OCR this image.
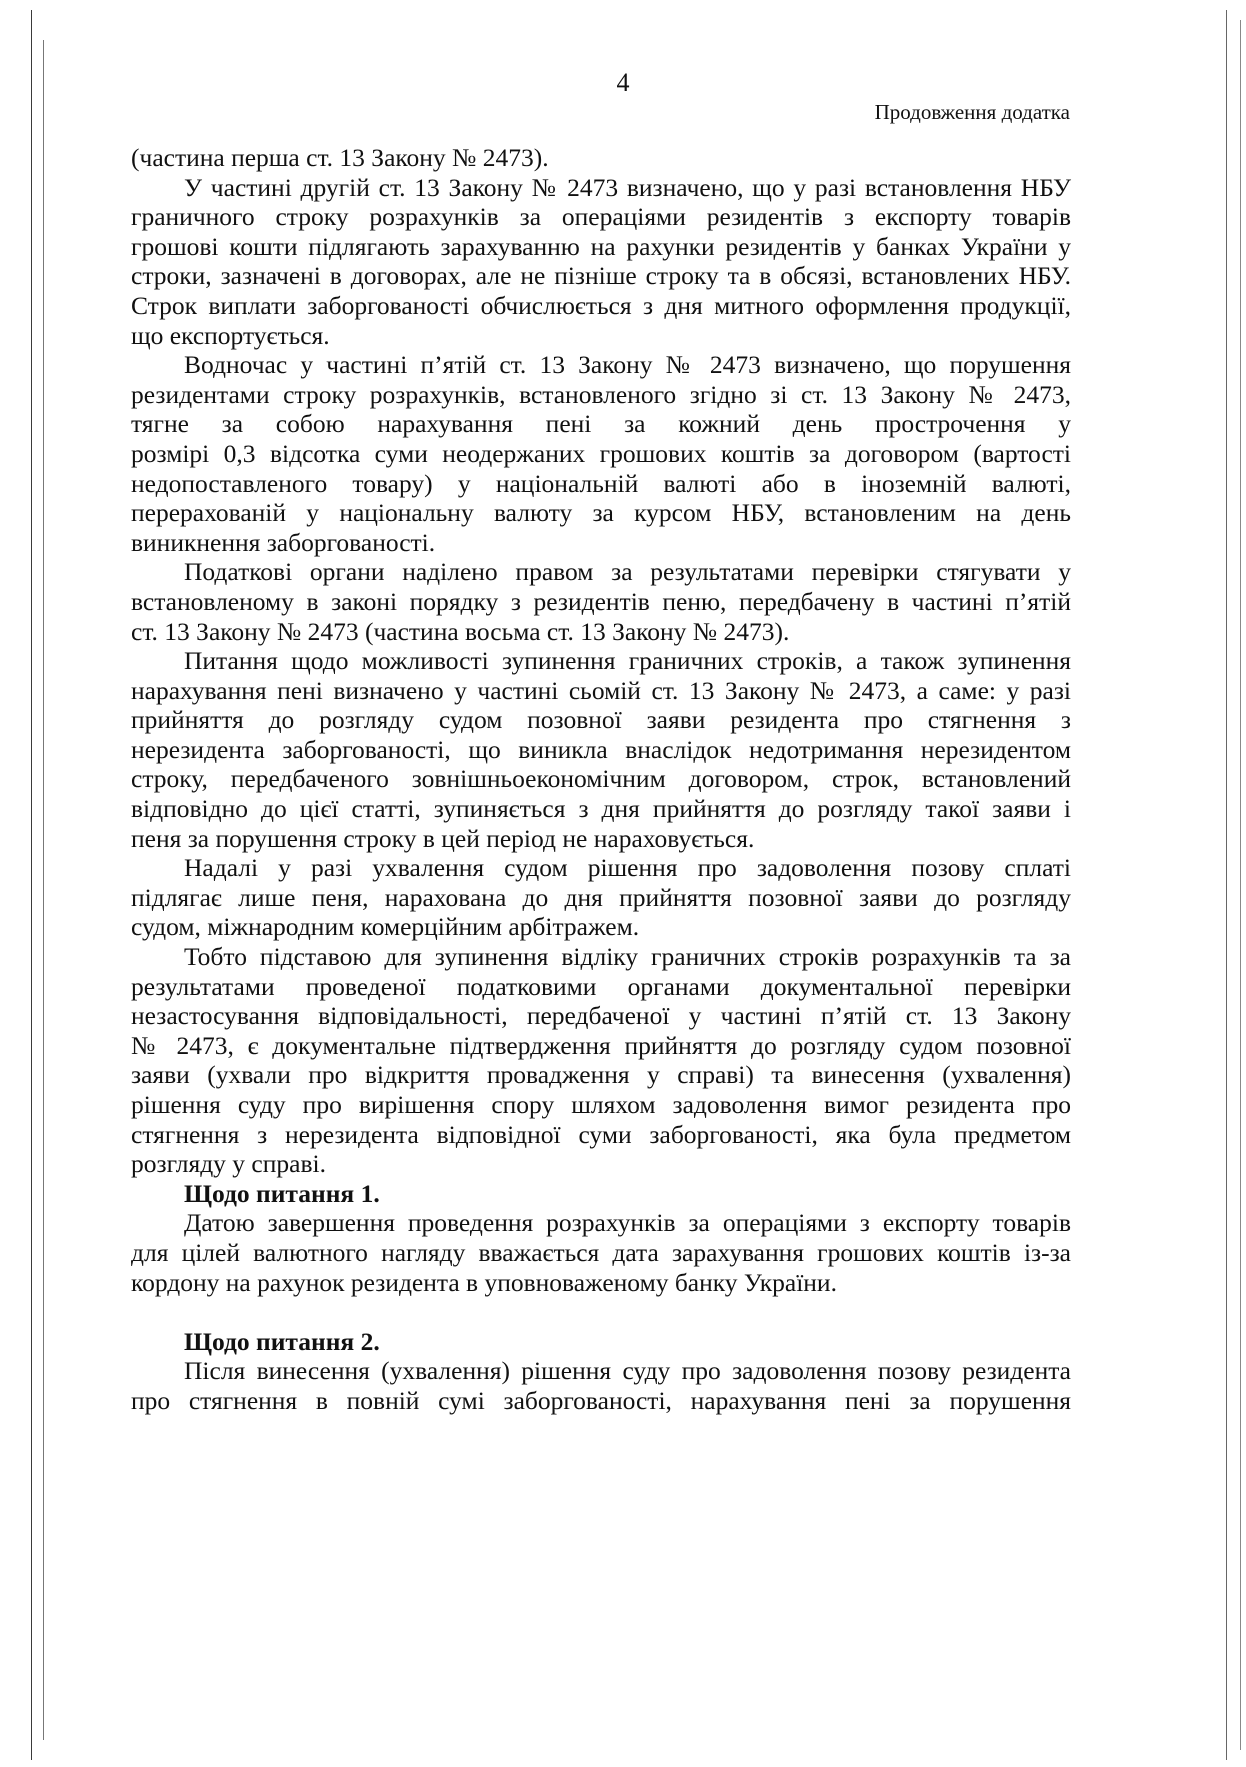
4
Продовження додатка
(частина перша ст. 13 Закону № 2473).
У частині другій ст. 13 Закону № 2473 визначено, що у разі встановлення НБУ
граничного строку розрахунків за операціями резидентів з експорту товарів
грошові кошти підлягають зарахуванню на рахунки резидентів у банках України у
строки, зазначені в договорах, але не пізніше строку та в обсязі, встановлених НБУ.
Строк виплати заборгованості обчислюється з дня митного оформлення продукції,
що експортується.
Водночас у частині п’ятій ст. 13 Закону № 2473 визначено, що порушення
резидентами строку розрахунків, встановленого згідно зі ст. 13 Закону № 2473,
тягне за собою нарахування пені за кожний день прострочення у
розмірі 0,3 відсотка суми неодержаних грошових коштів за договором (вартості
недопоставленого товару) у національній валюті або в іноземній валюті,
перерахованій у національну валюту за курсом НБУ, встановленим на день
виникнення заборгованості.
Податкові органи наділено правом за результатами перевірки стягувати у
встановленому в законі порядку з резидентів пеню, передбачену в частині п’ятій
ст. 13 Закону № 2473 (частина восьма ст. 13 Закону № 2473).
Питання щодо можливості зупинення граничних строків, а також зупинення
нарахування пені визначено у частині сьомій ст. 13 Закону № 2473, а саме: у разі
прийняття до розгляду судом позовної заяви резидента про стягнення з
нерезидента заборгованості, що виникла внаслідок недотримання нерезидентом
строку, передбаченого зовнішньоекономічним договором, строк, встановлений
відповідно до цієї статті, зупиняється з дня прийняття до розгляду такої заяви і
пеня за порушення строку в цей період не нараховується.
Надалі у разі ухвалення судом рішення про задоволення позову сплаті
підлягає лише пеня, нарахована до дня прийняття позовної заяви до розгляду
судом, міжнародним комерційним арбітражем.
Тобто підставою для зупинення відліку граничних строків розрахунків та за
результатами проведеної податковими органами документальної перевірки
незастосування відповідальності, передбаченої у частині п’ятій ст. 13 Закону
№ 2473, є документальне підтвердження прийняття до розгляду судом позовної
заяви (ухвали про відкриття провадження у справі) та винесення (ухвалення)
рішення суду про вирішення спору шляхом задоволення вимог резидента про
стягнення з нерезидента відповідної суми заборгованості, яка була предметом
розгляду у справі.
Щодо питання 1.
Датою завершення проведення розрахунків за операціями з експорту товарів
для цілей валютного нагляду вважається дата зарахування грошових коштів із-за
кордону на рахунок резидента в уповноваженому банку України.
Щодо питання 2.
Після винесення (ухвалення) рішення суду про задоволення позову резидента
про стягнення в повній сумі заборгованості, нарахування пені за порушення
